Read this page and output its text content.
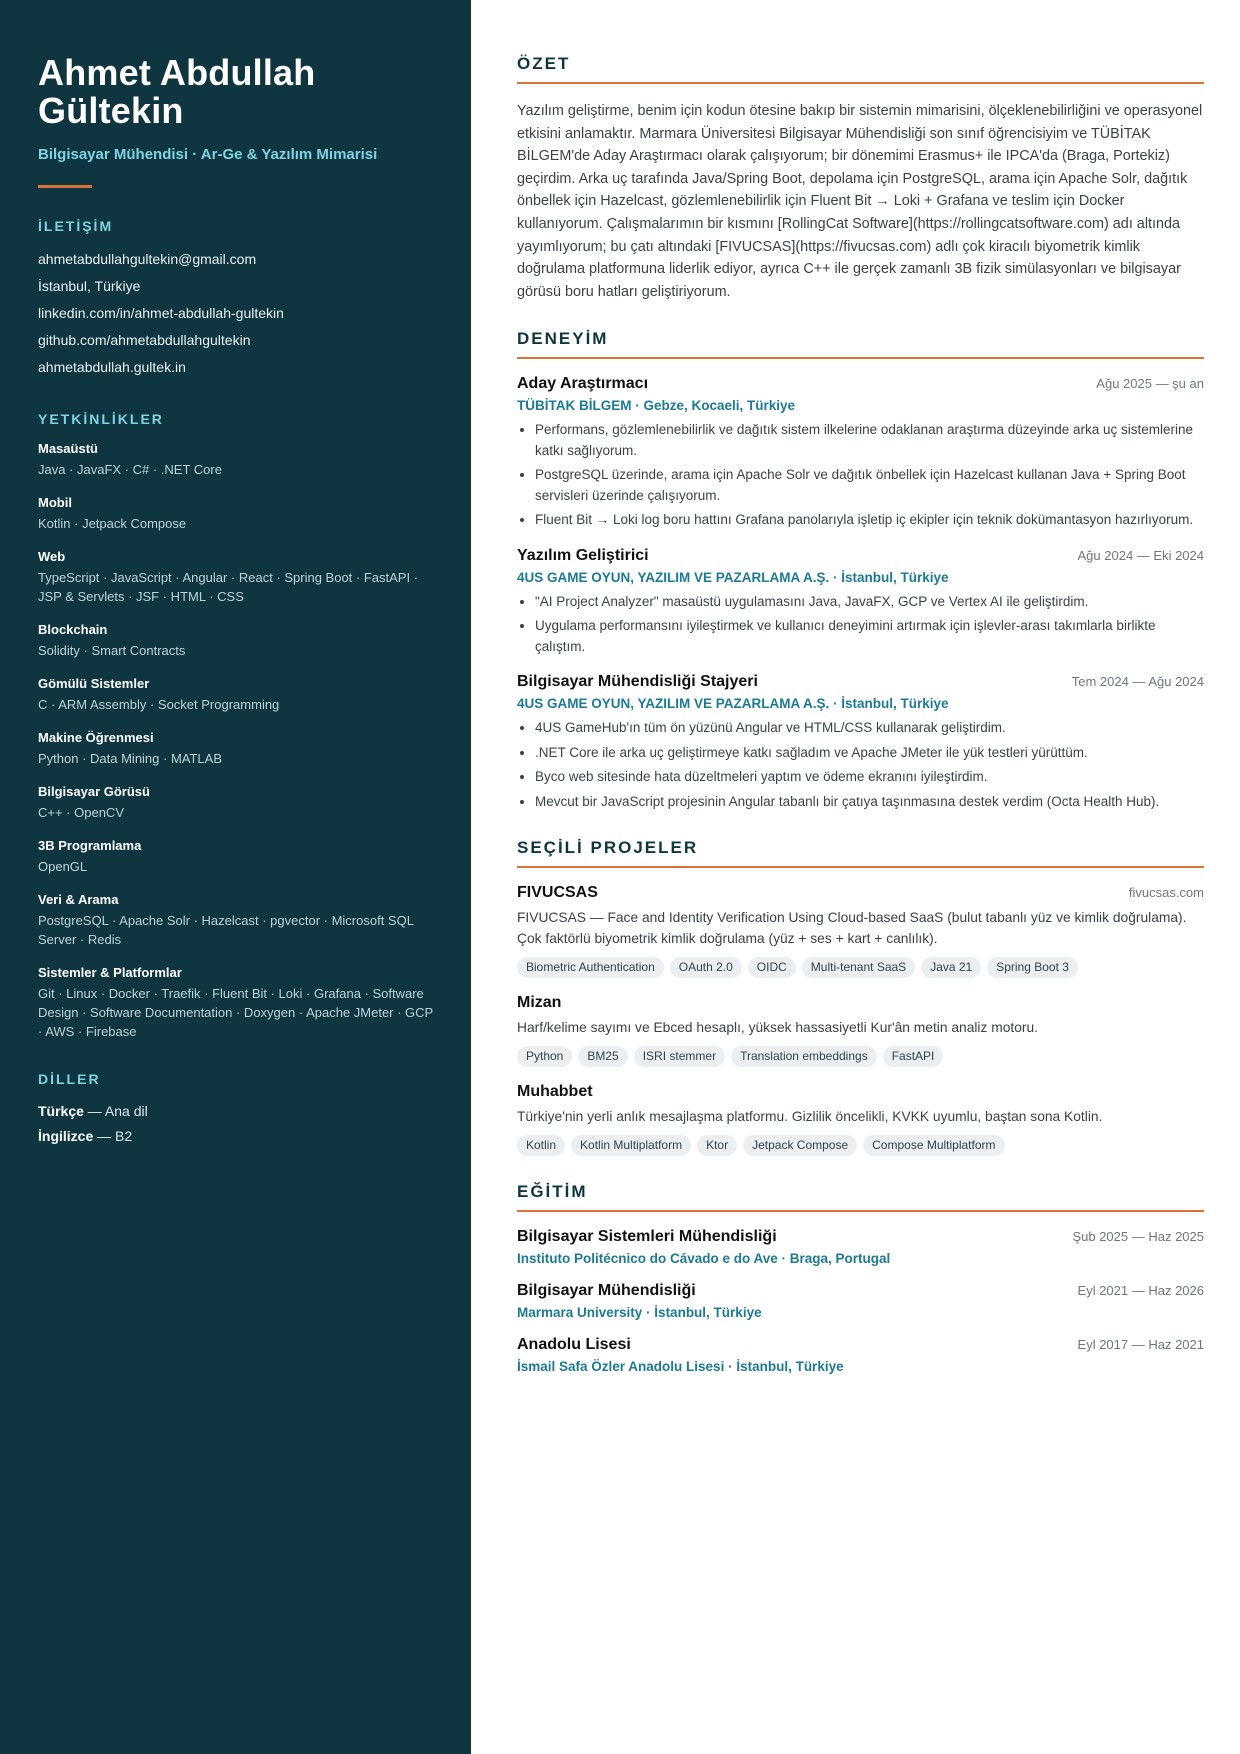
Ahmet Abdullah Gültekin
Bilgisayar Mühendisi · Ar-Ge & Yazılım Mimarisi
İLETİŞİM
ahmetabdullahgultekin@gmail.com
İstanbul, Türkiye
linkedin.com/in/ahmet-abdullah-gultekin
github.com/ahmetabdullahgultekin
ahmetabdullah.gultek.in
YETKİNLİKLER
Masaüstü
Java · JavaFX · C# · .NET Core
Mobil
Kotlin · Jetpack Compose
Web
TypeScript · JavaScript · Angular · React · Spring Boot · FastAPI · JSP & Servlets · JSF · HTML · CSS
Blockchain
Solidity · Smart Contracts
Gömülü Sistemler
C · ARM Assembly · Socket Programming
Makine Öğrenmesi
Python · Data Mining · MATLAB
Bilgisayar Görüsü
C++ · OpenCV
3B Programlama
OpenGL
Veri & Arama
PostgreSQL · Apache Solr · Hazelcast · pgvector · Microsoft SQL Server · Redis
Sistemler & Platformlar
Git · Linux · Docker · Traefik · Fluent Bit · Loki · Grafana · Software Design · Software Documentation · Doxygen · Apache JMeter · GCP · AWS · Firebase
DİLLER
Türkçe — Ana dil
İngilizce — B2
ÖZET

Yazılım geliştirme, benim için kodun ötesine bakıp bir sistemin mimarisini, ölçeklenebilirliğini ve operasyonel etkisini anlamaktır. Marmara Üniversitesi Bilgisayar Mühendisliği son sınıf öğrencisiyim ve TÜBİTAK BİLGEM'de Aday Araştırmacı olarak çalışıyorum; bir dönemimi Erasmus+ ile IPCA'da (Braga, Portekiz) geçirdim. Arka uç tarafında Java/Spring Boot, depolama için PostgreSQL, arama için Apache Solr, dağıtık önbellek için Hazelcast, gözlemlenebilirlik için Fluent Bit → Loki + Grafana ve teslim için Docker kullanıyorum. Çalışmalarımın bir kısmını [RollingCat Software](https://rollingcatsoftware.com) adı altında yayımlıyorum; bu çatı altındaki [FIVUCSAS](https://fivucsas.com) adlı çok kiracılı biyometrik kimlik doğrulama platformuna liderlik ediyor, ayrıca C++ ile gerçek zamanlı 3B fizik simülasyonları ve bilgisayar görüsü boru hatları geliştiriyorum.

DENEYİM
Aday Araştırmacı	Ağu 2025 — şu an
TÜBİTAK BİLGEM · Gebze, Kocaeli, Türkiye
• Performans, gözlemlenebilirlik ve dağıtık sistem ilkelerine odaklanan araştırma düzeyinde arka uç sistemlerine katkı sağlıyorum.
• PostgreSQL üzerinde, arama için Apache Solr ve dağıtık önbellek için Hazelcast kullanan Java + Spring Boot servisleri üzerinde çalışıyorum.
• Fluent Bit → Loki log boru hattını Grafana panolarıyla işletip iç ekipler için teknik dokümantasyon hazırlıyorum.
Yazılım Geliştirici	Ağu 2024 — Eki 2024
4US GAME OYUN, YAZILIM VE PAZARLAMA A.Ş. · İstanbul, Türkiye
• "AI Project Analyzer" masaüstü uygulamasını Java, JavaFX, GCP ve Vertex AI ile geliştirdim.
• Uygulama performansını iyileştirmek ve kullanıcı deneyimini artırmak için işlevler-arası takımlarla birlikte çalıştım.
Bilgisayar Mühendisliği Stajyeri	Tem 2024 — Ağu 2024
4US GAME OYUN, YAZILIM VE PAZARLAMA A.Ş. · İstanbul, Türkiye
• 4US GameHub'ın tüm ön yüzünü Angular ve HTML/CSS kullanarak geliştirdim.
• .NET Core ile arka uç geliştirmeye katkı sağladım ve Apache JMeter ile yük testleri yürüttüm.
• Byco web sitesinde hata düzeltmeleri yaptım ve ödeme ekranını iyileştirdim.
• Mevcut bir JavaScript projesinin Angular tabanlı bir çatıya taşınmasına destek verdim (Octa Health Hub).
SEÇİLİ PROJELER
FIVUCSAS	fivucsas.com

FIVUCSAS — Face and Identity Verification Using Cloud-based SaaS (bulut tabanlı yüz ve kimlik doğrulama). Çok faktörlü biyometrik kimlik doğrulama (yüz + ses + kart + canlılık).

Biometric Authentication	OAuth 2.0	OIDC	Multi-tenant SaaS	Java 21	Spring Boot 3
Mizan

Harf/kelime sayımı ve Ebced hesaplı, yüksek hassasiyetli Kur'ân metin analiz motoru.

Python	BM25	ISRI stemmer	Translation embeddings	FastAPI
Muhabbet

Türkiye'nin yerli anlık mesajlaşma platformu. Gizlilik öncelikli, KVKK uyumlu, baştan sona Kotlin.

Kotlin	Kotlin Multiplatform	Ktor	Jetpack Compose	Compose Multiplatform
EĞİTİM
Bilgisayar Sistemleri Mühendisliği	Şub 2025 — Haz 2025
Instituto Politécnico do Cávado e do Ave · Braga, Portugal
Bilgisayar Mühendisliği	Eyl 2021 — Haz 2026
Marmara University · İstanbul, Türkiye
Anadolu Lisesi	Eyl 2017 — Haz 2021
İsmail Safa Özler Anadolu Lisesi · İstanbul, Türkiye
